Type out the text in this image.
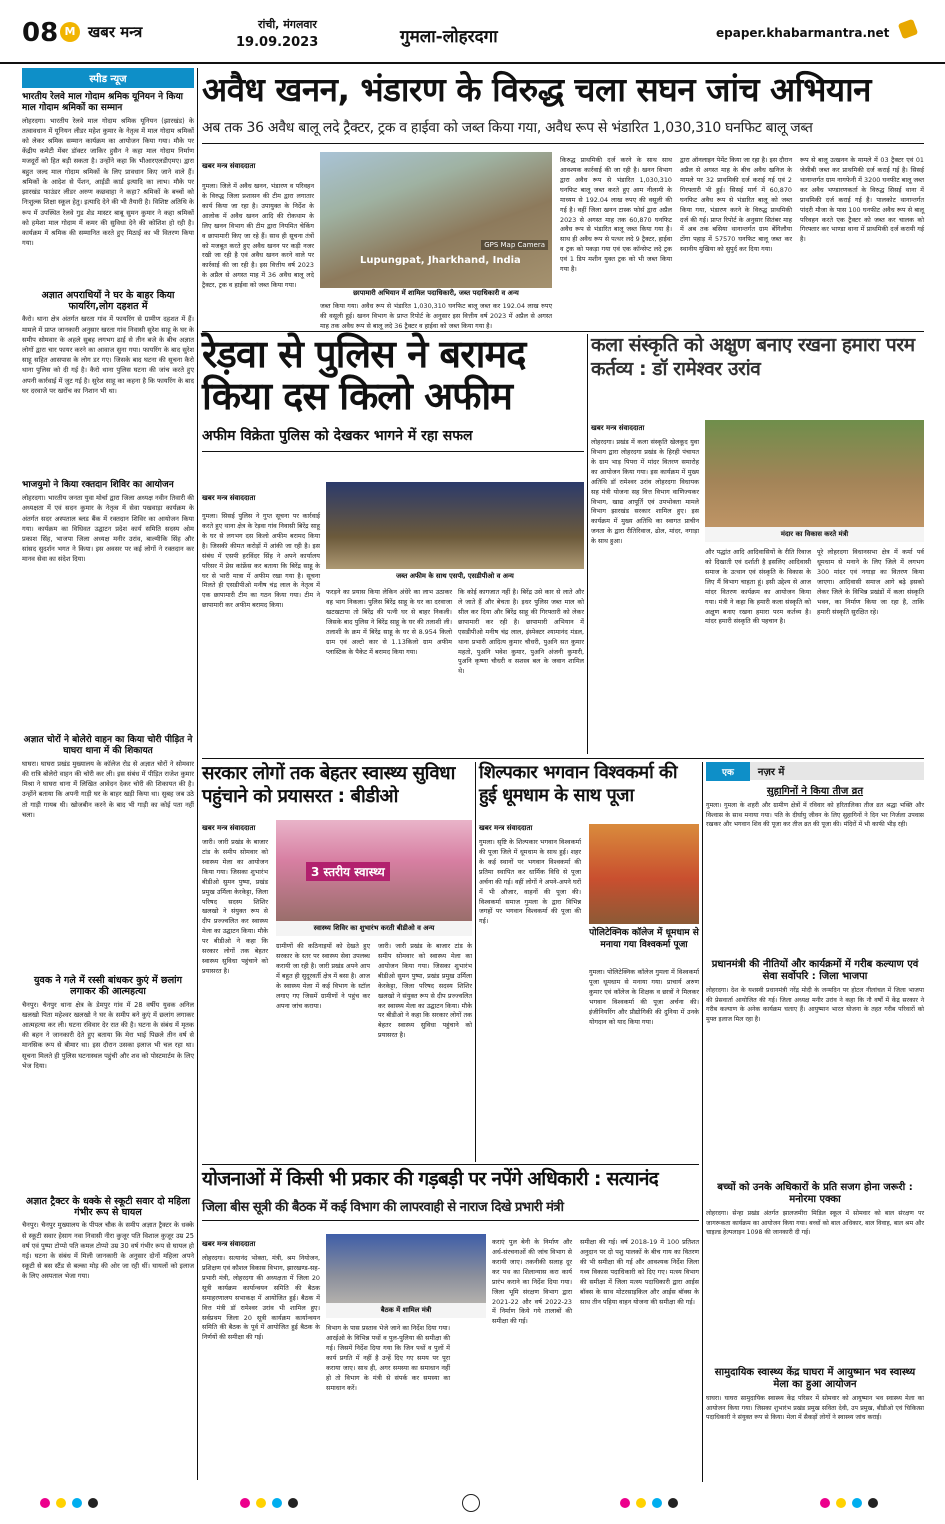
08 M खबर मन्त्र	रांची, मंगलवार
19.09.2023	गुमला-लोहरदगा	epaper.khabarmantra.net
स्पीड न्यूज
भारतीय रेलवे माल गोदाम श्रमिक यूनियन ने किया माल गोदाम श्रमिकों का सम्मान
लोहरदगा। भारतीय रेलवे माल गोदाम श्रमिक यूनियन (झारखंड) के तत्वावधान में यूनियन लीडर महेश कुमार के नेतृत्व में माल गोदाम श्रमिकों को लेकर श्रमिक सम्मान कार्यक्रम का आयोजन किया गया। मौके पर केंद्रीय कमेटी मेंबर डॉक्टर जाकिर हुसैन ने कहा माल गोदाम निर्माण मजदूरों को हित बड़ी सकता है। उन्होंने कहा कि भीआरएलडीएमए। द्वारा बहुत जल्द माल गोदाम श्रमिकों के लिए प्रावधान किए जाने वाले हैं। श्रमिकों के आदेश से पेंशन, आईडी कार्ड इत्यादि का लाभ। मौके पर झारखंड फाउंडर लीडर अरुण कछवाहा ने कहा? श्रमिकों के बच्चों को निःशुल्क शिक्षा स्कूल हेतु। इत्यादि देने की भी तैयारी है। विशिष्ट अतिथि के रूप में उपस्थित रेलवे गुड शेड मास्टर बाबू सुमन कुमार ने कहा श्रमिकों को हमेशा माल गोदाम में कमर की सुविधा देने की कोशिश हो रही है। कार्यक्रम में श्रमिक की सम्मानित करते हुए मिठाई का भी वितरण किया गया।
अज्ञात अपराधियों ने घर के बाहर किया फायरिंग,लोग दहशत में
कैरो। थाना क्षेत्र अंतर्गत खरता गांव में फायरिंग से ग्रामीण दहशत में हैं। मामले में प्राप्त जानकारी अनुसार खरता गांव निवासी सुरेश साहू के घर के समीप सोमवार के अहले सुबह लगभग ढाई से तीन बजे के बीच अज्ञात लोगों द्वारा चार फायर करने का आवाज सुना गया। फायरिंग के बाद सुरेश साहू सहित आसपास के लोग डर गए। जिसके बाद घटना की सूचना कैरो थाना पुलिस को दी गई है। कैरो थाना पुलिस घटना की जांच करते हुए अपनी कार्रवाई में जुट गई है। सुरेश साहू का कहना है कि फायरिंग के बाद घर दरवाजे पर खरोंच का निशान भी था।
भाजयुमो ने किया रक्तदान शिविर का आयोजन
लोहरदगा। भारतीय जनता युवा मोर्चा द्वारा जिला अध्यक्ष नवीन तिवारी की अध्यक्षता में एवं सदन कुमार के नेतृत्व में सेवा पखवाड़ा कार्यक्रम के अंतर्गत सदर अस्पताल ब्लड बैंक में रक्तदान शिविर का आयोजन किया गया। कार्यक्रम का विधिवत उद्घाटन प्रदेश कार्य समिति सदस्य ओम प्रकाश सिंह, भाजपा जिला अध्यक्ष मनीर उरांव, बाल्मीकि सिंह और सांसद सुदर्शन भगत ने किया। इस अवसर पर कई लोगों ने रक्तदान कर मानव सेवा का संदेश दिया।
अज्ञात चोरों ने बोलेरो वाहन का किया चोरी पीड़ित ने घाघरा थाना में की शिकायत
घाघरा। घाघरा प्रखंड मुख्यालय के कॉलेज रोड से अज्ञात चोरों ने सोमवार की रात्रि बोलेरो वाहन की चोरी कर ली। इस संबंध में पीड़ित राजेश कुमार मिश्रा ने घाघरा थाना में लिखित आवेदन देकर चोरी की शिकायत की है। उन्होंने बताया कि अपनी गाड़ी घर के बाहर खड़ी किया था। सुबह जब उठे तो गाड़ी गायब थी। खोजबीन करने के बाद भी गाड़ी का कोई पता नहीं चला।
युवक ने गले में रस्सी बांधकर कुएं में छलांग लगाकर की आत्महत्या
चैनपुर। चैनपुर थाना क्षेत्र के डेमपुर गांव में 28 वर्षीय युवक अनिल खलखो पिता महेश्वर खलखो ने घर के समीप बने कुएं में छलांग लगाकर आत्महत्या कर ली। घटना रविवार देर रात की है। घटना के संबंध में मृतक की बहन ने जानकारी देते हुए बताया कि मेरा भाई पिछले तीन वर्ष से मानसिक रूप से बीमार था। इस दौरान उसका इलाज भी चल रहा था। सूचना मिलते ही पुलिस घटनास्थल पहुंची और शव को पोस्टमार्टम के लिए भेज दिया।
अज्ञात ट्रैक्टर के धक्के से स्कूटी सवार दो महिला गंभीर रूप से घायल
चैनपुर। चैनपुर मुख्यालय के पीपल चौक के समीप अज्ञात ट्रैक्टर के धक्के से स्कूटी सवार हेसाग नवा निवासी नीरा कुजूर पति विशाल कुजूर उम्र 25 वर्ष एवं पुष्पा टोप्पो पति कमल टोप्पो उम्र 30 वर्ष गंभीर रूप से घायल हो गई। घटना के संबंध में मिली जानकारी के अनुसार दोनों महिला अपने स्कूटी से बस स्टैंड से बल्का मोड़ की ओर जा रही थीं। घायलों को इलाज के लिए अस्पताल भेजा गया।
अवैध खनन, भंडारण के विरुद्ध चला सघन जांच अभियान
अब तक 36 अवैध बालू लदे ट्रैक्टर, ट्रक व हाईवा को जब्त किया गया, अवैध रूप से भंडारित 1,030,310 घनफिट बालू जब्त
खबर मन्त्र संवाददाता
गुमला। जिले में अवैध खनन, भंडारण व परिवहन के विरुद्ध जिला प्रशासन की टीम द्वारा लगातार कार्य किया जा रहा है। उपायुक्त के निर्देश के आलोक में अवैध खनन आदि की रोकथाम के लिए खनन विभाग की टीम द्वारा नियमित चेकिंग व छापामारी किए जा रहे हैं। साथ ही सूचना तंत्रों को मजबूत करते हुए अवैध खनन पर कड़ी नजर रखी जा रही है एवं अवैध खनन करने वाले पर कार्रवाई की जा रही है। इस वित्तीय वर्ष 2023 के अप्रैल से अगस्त माह में 36 अवैध बालू लदे ट्रैक्टर, ट्रक व हाईवा को जब्त किया गया।
Lupungpat, Jharkhand, India
GPS Map Camera
छापामारी अभियान में शामिल पदाधिकारी, जब्त पदाधिकारी व अन्य
जब्त किया गया। अवैध रूप से भंडारित 1,030,310 घनफिट बालू जब्त कर 192.04 लाख रुपए की वसूली हुई। खनन विभाग के प्राप्त रिपोर्ट के अनुसार इस वित्तीय वर्ष 2023 में अप्रैल से अगस्त माह तक अवैध रूप से बालू लदे 36 ट्रैक्टर व हाईवा को जब्त किया गया है।
किरुद्ध प्राथमिकी दर्ज करने के साथ साथ आवश्यक कार्रवाई की जा रही है। खनन विभाग द्वारा अवैध रूप से भंडारित 1,030,310 घनफिट बालू जब्त करते हुए आम नीलामी के माध्यम से 192.04 लाख रुपए की वसूली की गई है। वहीं जिला खनन टास्क फोर्स द्वारा अप्रैल 2023 से अगस्त माह तक 60,870 घनफिट अवैध रूप से भंडारित बालू जब्त किया गया है। साथ ही अवैध रूप से पत्थर लदे 9 ट्रैक्टर, हाईवा व ट्रक को पकड़ा गया एवं एक कॉन्सेप्ट लदे ट्रक एवं 1 डिप मशीन युक्त ट्रक को भी जब्त किया गया है।
द्वारा ऑनलाइन पेमेंट किया जा रहा है। इस दौरान अप्रैल से अगस्त माह के बीच अवैध खनिज के मामले पर 32 प्राथमिकी दर्ज कराई गई एवं 2 गिरफ्तारी भी हुई। सिसई मार्ग में 60,870 घनफिट अवैध रूप से भंडारित बालू को जब्त किया गया, भंडारण करने के विरुद्ध प्राथमिकी दर्ज की गई। प्राप्त रिपोर्ट के अनुसार सितंबर माह में अब तक बसिया थानान्तर्गत ग्राम बेंगिलौया टोंगा पहाड़ में 57570 घनफिट बालू जब्त कर स्थानीय मुखिया को सुपुर्द कर दिया गया।
रूप से बालू उत्खनन के मामले में 03 ट्रैक्टर एवं 01 जेसीबी जब्त कर प्राथमिकी दर्ज कराई गई है। सिसई थानान्तर्गत ग्राम नागफेनी में 3200 घनफीट बालू जब्त कर अवैध भण्डारणकर्ता के विरुद्ध सिसई थाना में प्राथमिकी दर्ज कराई गई है। पालकोट थानान्तर्गत पांदरी मौजा के पास 100 घनफीट अवैध रूप से बालू परिवहन करते एक ट्रैक्टर को जब्त कर चालक को गिरफ्तार कर भाण्डा थाना में प्राथमिकी दर्ज करायी गई है।
रेड़वा से पुलिस ने बरामद किया दस किलो अफीम
अफीम विक्रेता पुलिस को देखकर भागने में रहा सफल
खबर मन्त्र संवाददाता
गुमला। सिसई पुलिस ने गुप्त सूचना पर कार्रवाई करते हुए थाना क्षेत्र के रेड़वा गांव निवासी बिरेंद्र साहू के घर से लगभग दस किलो अफीम बरामद किया है। जिसकी कीमत करोड़ों में आंकी जा रही है। इस संबंध में एसपी हरविंदर सिंह ने अपने कार्यालय परिसर में प्रेस कांफ्रेंस कर बताया कि बिरेंद्र साहू के घर से भारी मात्रा में अफीम रखा गया है। सूचना मिलते ही एसडीपीओ मनीष चंद्र लाल के नेतृत्व में एक छापामारी टीम का गठन किया गया। टीम ने छापामारी कर अफीम बरामद किया।
जब्त अफीम के साथ एसपी, एसडीपीओ व अन्य
फरड़ने का प्रयास किया लेकिन अंधेरे का लाभ उठाकर वह भाग निकला। पुलिस बिरेंद्र साहू के घर का दरवाजा खटखटाया तो बिरेंद्र की पत्नी घर से बाहर निकली। जिसके बाद पुलिस ने बिरेंद्र साहू के घर की तलाशी ली। तलाशी के क्रम में बिरेंद्र साहू के घर से 8.954 किलो ग्राम एवं अल्टो कार से 1.13किलो ग्राम अफीम प्लास्टिक के पैकेट में बरामद किया गया।
कि कोई कागजात नहीं है। बिरेंद्र उसे कार से लाते और ले जाते हैं और बेचता है। इधर पुलिस जब्त माल को सील कर दिया और बिरेंद्र साहू की गिरफ्तारी को लेकर छापामारी कर रही है। छापामारी अभियान में एसडीपीओ मनीष चंद्र लाल, इंस्पेक्टर श्यामानंद मंडल, थाना प्रभारी आदित्य कुमार चौधरी, पुअनि सत कुमार महतो, पुअनि भवेश कुमार, पुअनि अंजनी कुमारी, पुअनि कृष्णा चौधरी व सशस्त्र बल के जवान शामिल थे।
कला संस्कृति को अक्षुण बनाए रखना हमारा परम कर्तव्य : डॉ रामेश्वर उरांव
खबर मन्त्र संवाददाता
लोहरदगा। प्रखंड में कला संस्कृति खेलकूद युवा विभाग द्वारा लोहरदगा प्रखंड के हिरही पंचायत के ग्राम भाड़ पिपरा में मांदर वितरण समारोह का आयोजन किया गया। इस कार्यक्रम में मुख्य अतिथि डॉ रामेश्वर उरांव लोहरदगा विधायक सह मंत्री योजना सह वित्त विभाग वाणिज्यकर विभाग, खाद्य आपूर्ति एवं उपभोक्ता मामले विभाग झारखंड सरकार शामिल हुए। इस कार्यक्रम में मुख्य अतिथि का स्वागत प्राचीन जनता के द्वारा रीतिरिवाज, ढोल, मांदर, नगाड़ा के साथ हुआ।
मंदार का विकास करते मंत्री
और पद्धांत आदि आदिवासियों के रीति रिवाज को दिखाती एवं दर्शाती है इसलिए आदिवासी समाज के उत्थान एवं संस्कृति के विकास के लिए मैं विभाग चाहता हूं। इसी उद्देश्य से आज मांदर वितरण कार्यक्रम का आयोजन किया गया। मंत्री ने कहा कि हमारी कला संस्कृति को अक्षुण बनाए रखना हमारा परम कर्तव्य है। मांदर हमारी संस्कृति की पहचान है।
पूरे लोहरदगा विधानसभा क्षेत्र में कर्मा पर्व धूमधाम से मनाने के लिए जिले में लगभग 300 मांदर एवं नगाड़ा का वितरण किया जाएगा। आदिवासी समाज आगे बढ़े इसको लेकर जिले के विभिन्न प्रखंडों में कला संस्कृति भवन, का निर्माण किया जा रहा है, ताकि हमारी संस्कृति सुरक्षित रहे।
सरकार लोगों तक बेहतर स्वास्थ्य सुविधा पहुंचाने को प्रयासरत : बीडीओ
खबर मन्त्र संवाददाता
जारी। जारी प्रखंड के बाजार टांड के समीप सोमवार को स्वास्थ्य मेला का आयोजन किया गया। जिसका शुभारंभ बीडीओ सुमन पुष्पा, प्रखंड प्रमुख उर्मिला केरकेट्टा, जिला परिषद सदस्य शिशिर खलखो ने संयुक्त रूप से दीप प्रज्ज्वलित कर स्वास्थ्य मेला का उद्घाटन किया। मौके पर बीडीओ ने कहा कि सरकार लोगों तक बेहतर स्वास्थ्य सुविधा पहुंचाने को प्रयासरत है।
3 स्तरीय स्वास्थ्य
स्वास्थ्य शिविर का शुभारंभ करती बीडीओ व अन्य
ग्रामीणों की कठिनाइयों को देखते हुए सरकार के स्तर पर स्वास्थ्य सेवा उपलब्ध करायी जा रही है। जारी प्रखंड अपने आप में बहुत ही सुदूरवर्ती क्षेत्र में बसा है। आज के स्वास्थ्य मेला में कई विभाग के स्टॉल लगाए गए जिसमें ग्रामीणों ने पहुंच कर अपना जांच कराया।
जारी। जारी प्रखंड के बाजार टांड के समीप सोमवार को स्वास्थ्य मेला का आयोजन किया गया। जिसका शुभारंभ बीडीओ सुमन पुष्पा, प्रखंड प्रमुख उर्मिला केरकेट्टा, जिला परिषद सदस्य शिशिर खलखो ने संयुक्त रूप से दीप प्रज्ज्वलित कर स्वास्थ्य मेला का उद्घाटन किया। मौके पर बीडीओ ने कहा कि सरकार लोगों तक बेहतर स्वास्थ्य सुविधा पहुंचाने को प्रयासरत है।
शिल्पकार भगवान विश्वकर्मा की हुई धूमधाम के साथ पूजा
खबर मन्त्र संवाददाता
गुमला। सृष्टि के शिल्पकार भगवान विश्वकर्मा की पूजा जिले में धूमधाम के साथ हुई। शहर के कई स्थानों पर भगवान विश्वकर्मा की प्रतिमा स्थापित कर धार्मिक विधि से पूजा अर्चना की गई। वहीं लोगों ने अपने-अपने घरों में भी औजार, वाहनों की पूजा की। विश्वकर्मा समाज गुमला के द्वारा विभिन्न जगहों पर भगवान विश्वकर्मा की पूजा की गई।
पोलिटेक्निक कॉलेज में धूमधाम से मनाया गया विश्वकर्मा पूजा
गुमला। पोलिटेक्निक कॉलेज गुमला में विश्वकर्मा पूजा धूमधाम से मनाया गया। प्राचार्य अरुण कुमार एवं कॉलेज के शिक्षक व छात्रों ने मिलकर भगवान विश्वकर्मा की पूजा अर्चना की। इंजीनियरिंग और प्रौद्योगिकी की दुनिया में उनके योगदान को याद किया गया।
एक	नज़र में
सुहागिनों ने किया तीज व्रत
गुमला। गुमला के शहरी और ग्रामीण क्षेत्रों में रविवार को हरितालिका तीज व्रत श्रद्धा भक्ति और विश्वास के साथ मनाया गया। पति के दीर्घायु जीवन के लिए सुहागिनों ने दिन भर निर्जला उपवास रखकर और भगवान शिव की पूजा कर तीज व्रत की पूजा की। मंदिरों में भी काफी भीड़ रही।
प्रधानमंत्री की नीतियों और कार्यक्रमों में गरीब कल्याण एवं सेवा सर्वोपरि : जिला भाजपा
लोहरदगा। देश के यशस्वी प्रधानमंत्री नरेंद्र मोदी के जन्मदिन पर होटल नीलांचल में जिला भाजपा की प्रेसवार्ता आयोजित की गई। जिला अध्यक्ष मनीर उरांव ने कहा कि नौ वर्षों में केंद्र सरकार ने गरीब कल्याण के अनेक कार्यक्रम चलाए हैं। आयुष्मान भारत योजना के तहत गरीब परिवारों को मुफ्त इलाज मिल रहा है।
बच्चों को उनके अधिकारों के प्रति सजग होना जरूरी : मनोरमा एक्का
लोहरदगा। सेन्हा प्रखंड अंतर्गत झालजमीरा मिडिल स्कूल में सोमवार को बाल संरक्षण पर जागरूकता कार्यक्रम का आयोजन किया गया। बच्चों को बाल अधिकार, बाल विवाह, बाल श्रम और चाइल्ड हेल्पलाइन 1098 की जानकारी दी गई।
सामुदायिक स्वास्थ्य केंद्र घाघरा में आयुष्मान भव स्वास्थ्य मेला का हुआ आयोजन
घाघरा। घाघरा सामुदायिक स्वास्थ्य केंद्र परिसर में सोमवार को आयुष्मान भव स्वास्थ्य मेला का आयोजन किया गया। जिसका शुभारंभ प्रखंड प्रमुख सविता देवी, उप प्रमुख, बीडीओ एवं चिकित्सा पदाधिकारी ने संयुक्त रूप से किया। मेला में सैकड़ों लोगों ने स्वास्थ्य जांच कराई।
योजनाओं में किसी भी प्रकार की गड़बड़ी पर नपेंगे अधिकारी : सत्यानंद
जिला बीस सूत्री की बैठक में कई विभाग की लापरवाही से नाराज दिखे प्रभारी मंत्री
खबर मन्त्र संवाददाता
लोहरदगा। सत्यानंद भोक्ता, मंत्री, श्रम नियोजन, प्रशिक्षण एवं कौशल विकास विभाग, झारखण्ड-सह-प्रभारी मंत्री, लोहरदगा की अध्यक्षता में जिला 20 सूत्री कार्यक्रम कार्यान्वयन समिति की बैठक समाहरणालय सभाकक्ष में आयोजित हुई। बैठक में वित्त मंत्री डॉ रामेश्वर उरांव भी शामिल हुए। सर्वप्रथम जिला 20 सूत्री कार्यक्रम कार्यान्वयन समिति की बैठक के पूर्व में आयोजित हुई बैठक के निर्णयों की समीक्षा की गई।
बैठक में शामिल मंत्री
विभाग के पास प्रस्ताव भेजे जाने का निर्देश दिया गया। आरईओ के विभिन्न पथों व पुल-पुलिया की समीक्षा की गई। जिसमें निर्देश दिया गया कि जिन पथों व पुलों में कार्य प्रगति में नहीं है उन्हें दिए गए समय पर पूरा कराया जाए। साथ ही, अगर समस्या का समाधान नहीं हो तो विभाग के मंत्री से संपर्क कर समस्या का समाधान करें।
कराएं पुल बेनी के निर्माण और अर्ध-संरचनाओं की जांच विभाग से करायी जाए। तकनीकी सलाह दूर कर पथ का शिलान्यास करा कार्य प्रारंभ कराने का निर्देश दिया गया। जिला भूमि संरक्षण विभाग द्वारा 2021-22 और वर्ष 2022-23 में निर्माण किये गये तालाबों की समीक्षा की गई।
समीक्षा की गई। वर्ष 2018-19 में 100 प्रतिशत अनुदान पर दो पशु पालकों के बीच गाय का वितरण की भी समीक्षा की गई और आवश्यक निर्देश जिला गव्य विकास पदाधिकारी को दिए गए। मत्स्य विभाग की समीक्षा में जिला मत्स्य पदाधिकारी द्वारा आईस बॉक्स के साथ मोटरसाइकिल और आईस बॉक्स के साथ तीन पहिया वाहन योजना की समीक्षा की गई।
